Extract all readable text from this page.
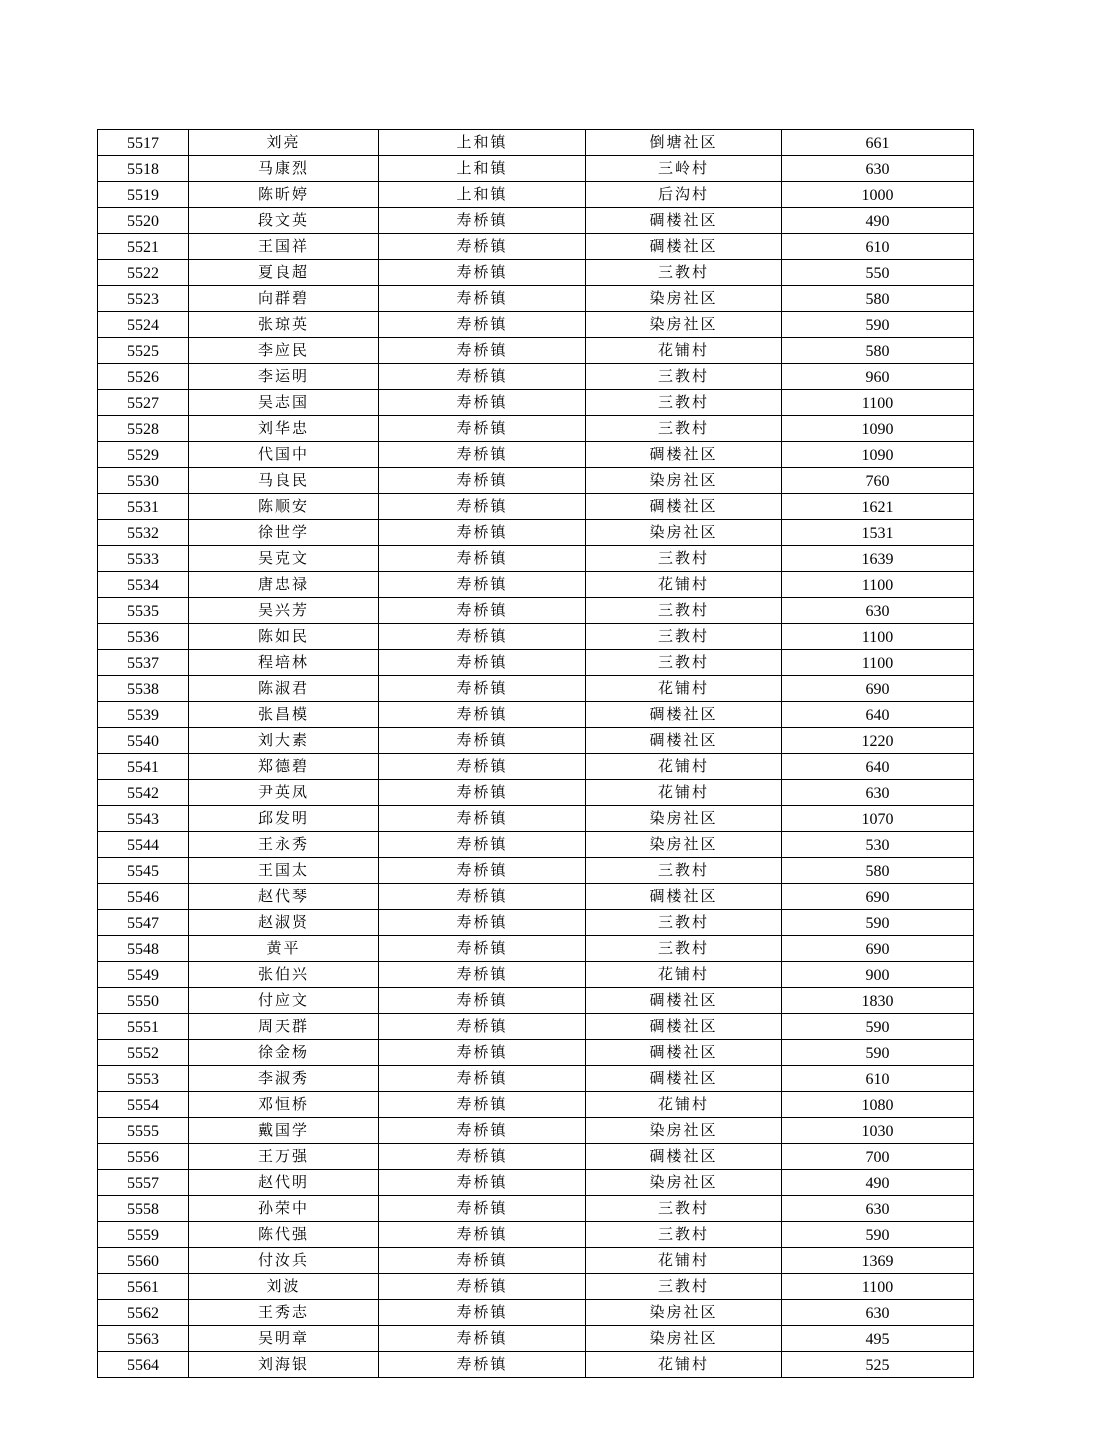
5517	刘亮	上和镇	倒塘社区	661
5518	马康烈	上和镇	三岭村	630
5519	陈昕婷	上和镇	后沟村	1000
5520	段文英	寿桥镇	碉楼社区	490
5521	王国祥	寿桥镇	碉楼社区	610
5522	夏良超	寿桥镇	三教村	550
5523	向群碧	寿桥镇	染房社区	580
5524	张琼英	寿桥镇	染房社区	590
5525	李应民	寿桥镇	花铺村	580
5526	李运明	寿桥镇	三教村	960
5527	吴志国	寿桥镇	三教村	1100
5528	刘华忠	寿桥镇	三教村	1090
5529	代国中	寿桥镇	碉楼社区	1090
5530	马良民	寿桥镇	染房社区	760
5531	陈顺安	寿桥镇	碉楼社区	1621
5532	徐世学	寿桥镇	染房社区	1531
5533	吴克文	寿桥镇	三教村	1639
5534	唐忠禄	寿桥镇	花铺村	1100
5535	吴兴芳	寿桥镇	三教村	630
5536	陈如民	寿桥镇	三教村	1100
5537	程培林	寿桥镇	三教村	1100
5538	陈淑君	寿桥镇	花铺村	690
5539	张昌模	寿桥镇	碉楼社区	640
5540	刘大素	寿桥镇	碉楼社区	1220
5541	郑德碧	寿桥镇	花铺村	640
5542	尹英凤	寿桥镇	花铺村	630
5543	邱发明	寿桥镇	染房社区	1070
5544	王永秀	寿桥镇	染房社区	530
5545	王国太	寿桥镇	三教村	580
5546	赵代琴	寿桥镇	碉楼社区	690
5547	赵淑贤	寿桥镇	三教村	590
5548	黄平	寿桥镇	三教村	690
5549	张伯兴	寿桥镇	花铺村	900
5550	付应文	寿桥镇	碉楼社区	1830
5551	周天群	寿桥镇	碉楼社区	590
5552	徐金杨	寿桥镇	碉楼社区	590
5553	李淑秀	寿桥镇	碉楼社区	610
5554	邓恒桥	寿桥镇	花铺村	1080
5555	戴国学	寿桥镇	染房社区	1030
5556	王万强	寿桥镇	碉楼社区	700
5557	赵代明	寿桥镇	染房社区	490
5558	孙荣中	寿桥镇	三教村	630
5559	陈代强	寿桥镇	三教村	590
5560	付汝兵	寿桥镇	花铺村	1369
5561	刘波	寿桥镇	三教村	1100
5562	王秀志	寿桥镇	染房社区	630
5563	吴明章	寿桥镇	染房社区	495
5564	刘海银	寿桥镇	花铺村	525
